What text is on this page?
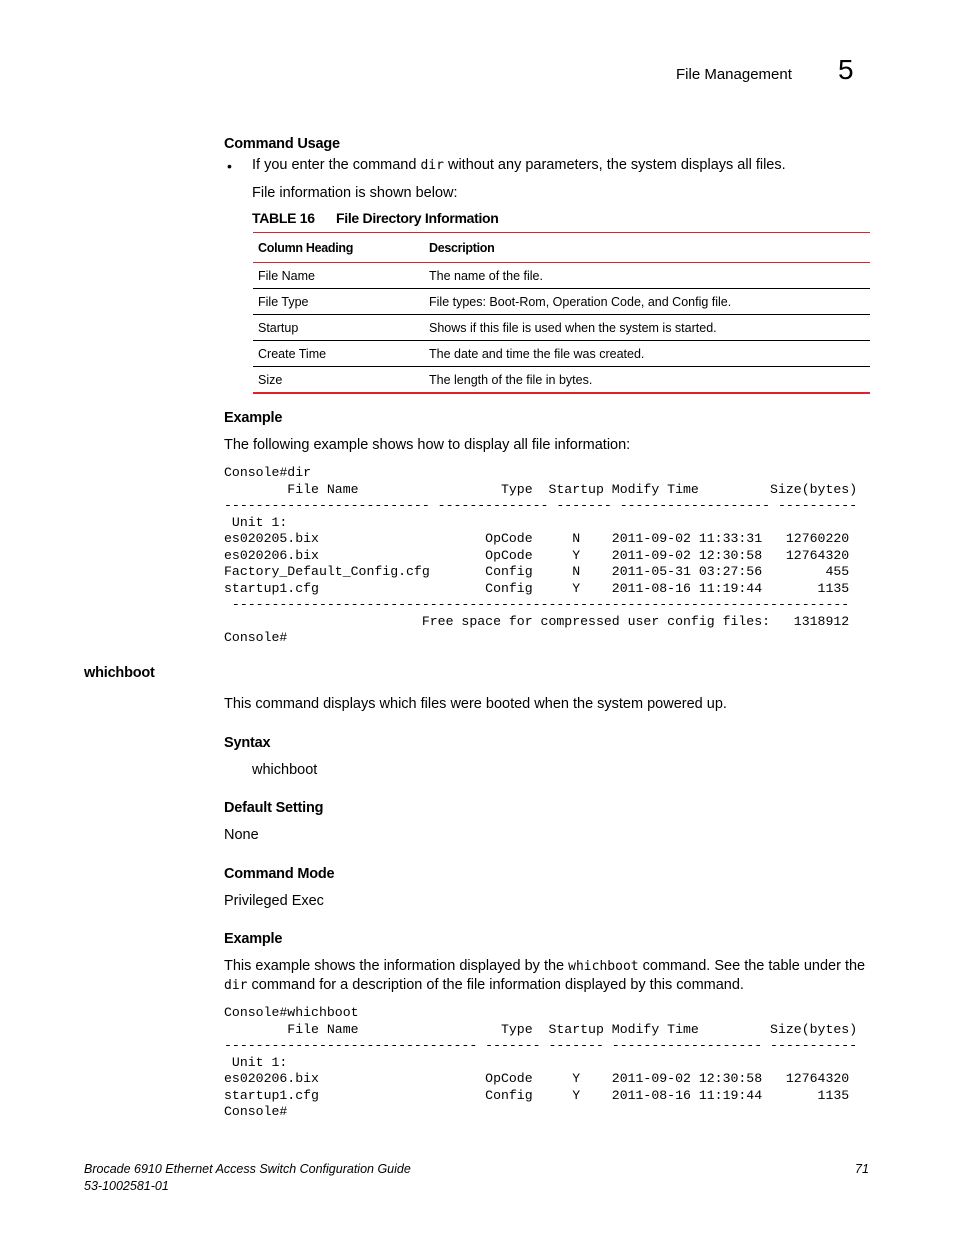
File Management 5
Command Usage
• If you enter the command dir without any parameters, the system displays all files.
File information is shown below:
TABLE 16 File Directory Information
Column Heading	Description
File Name	The name of the file.
File Type	File types: Boot-Rom, Operation Code, and Config file.
Startup	Shows if this file is used when the system is started.
Create Time	The date and time the file was created.
Size	The length of the file in bytes.
Example
The following example shows how to display all file information:
Console#dir
File Name                  Type  Startup Modify Time         Size(bytes)
-------------------------- -------------- ------- ------------------- ----------
Unit 1:
es020205.bix                     OpCode     N    2011-09-02 11:33:31   12760220
es020206.bix                     OpCode     Y    2011-09-02 12:30:58   12764320
Factory_Default_Config.cfg       Config     N    2011-05-31 03:27:56        455
startup1.cfg                     Config     Y    2011-08-16 11:19:44       1135
------------------------------------------------------------------------------
Free space for compressed user config files:   1318912
Console#
whichboot
This command displays which files were booted when the system powered up.
Syntax
whichboot
Default Setting
None
Command Mode
Privileged Exec
Example
This example shows the information displayed by the whichboot command. See the table under the
dir command for a description of the file information displayed by this command.
Console#whichboot
File Name                  Type  Startup Modify Time         Size(bytes)
-------------------------------- ------- ------- ------------------- -----------
Unit 1:
es020206.bix                     OpCode     Y    2011-09-02 12:30:58   12764320
startup1.cfg                     Config     Y    2011-08-16 11:19:44       1135
Console#
Brocade 6910 Ethernet Access Switch Configuration Guide
53-1002581-01
71
